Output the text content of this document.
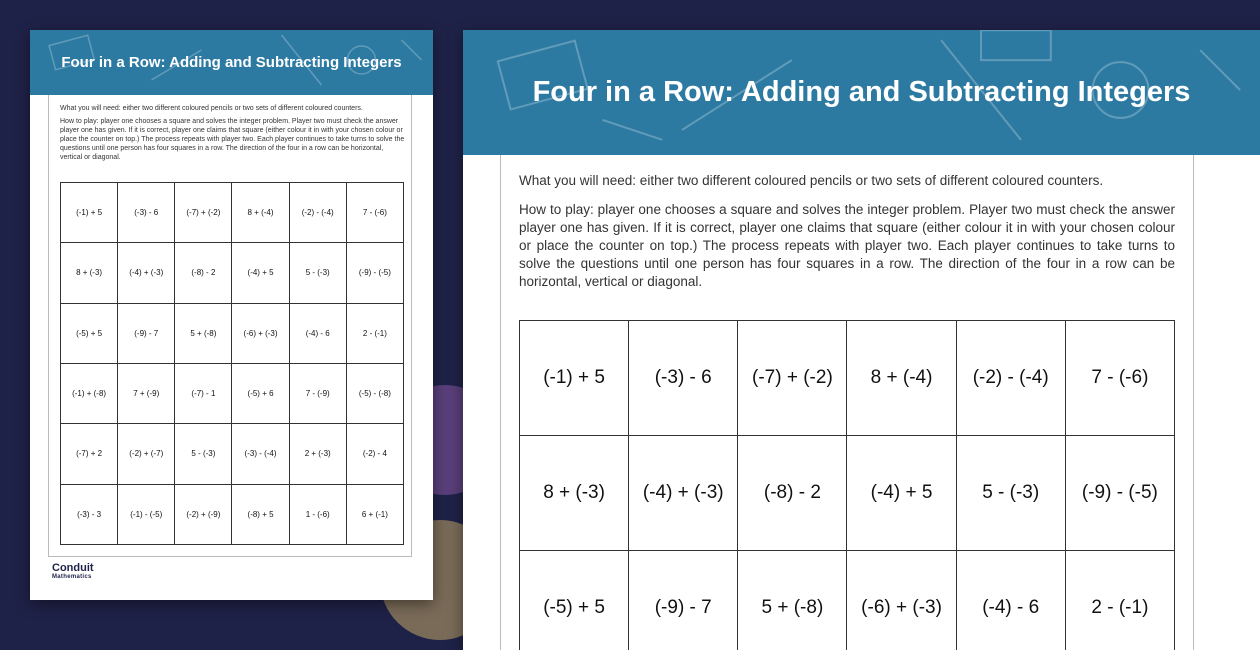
Four in a Row: Adding and Subtracting Integers

What you will need: either two different coloured pencils or two sets of different coloured counters.

How to play: player one chooses a square and solves the integer problem. Player two must check the answer player one has given. If it is correct, player one claims that square (either colour it in with your chosen colour or place the counter on top.) The process repeats with player two. Each player continues to take turns to solve the questions until one person has four squares in a row. The direction of the four in a row can be horizontal, vertical or diagonal.

(-1) + 5	(-3) - 6	(-7) + (-2)	8 + (-4)	(-2) - (-4)	7 - (-6)
8 + (-3)	(-4) + (-3)	(-8) - 2	(-4) + 5	5 - (-3)	(-9) - (-5)
(-5) + 5	(-9) - 7	5 + (-8)	(-6) + (-3)	(-4) - 6	2 - (-1)
(-1) + (-8)	7 + (-9)	(-7) - 1	(-5) + 6	7 - (-9)	(-5) - (-8)
(-7) + 2	(-2) + (-7)	5 - (-3)	(-3) - (-4)	2 + (-3)	(-2) - 4
(-3) - 3	(-1) - (-5)	(-2) + (-9)	(-8) + 5	1 - (-6)	6 + (-1)
Conduit
Mathematics
Four in a Row: Adding and Subtracting Integers

What you will need: either two different coloured pencils or two sets of different coloured counters.

How to play: player one chooses a square and solves the integer problem. Player two must check the answer player one has given. If it is correct, player one claims that square (either colour it in with your chosen colour or place the counter on top.) The process repeats with player two. Each player continues to take turns to solve the questions until one person has four squares in a row. The direction of the four in a row can be horizontal, vertical or diagonal.

(-1) + 5	(-3) - 6	(-7) + (-2)	8 + (-4)	(-2) - (-4)	7 - (-6)
8 + (-3)	(-4) + (-3)	(-8) - 2	(-4) + 5	5 - (-3)	(-9) - (-5)
(-5) + 5	(-9) - 7	5 + (-8)	(-6) + (-3)	(-4) - 6	2 - (-1)
